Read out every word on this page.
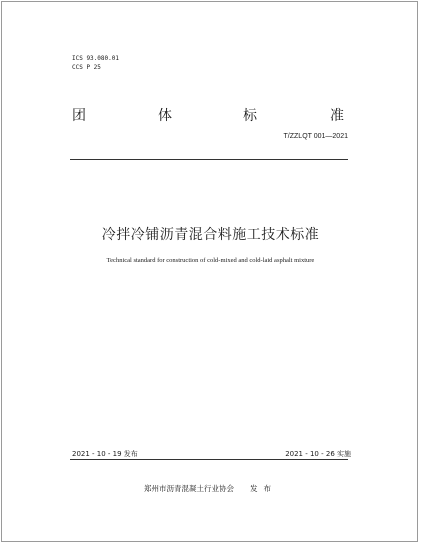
ICS 93.080.01
CCS P 25
团	体	标	准
T/ZZLQT 001—2021
冷拌冷铺沥青混合料施工技术标准
Technical standard for construction of cold-mixed and cold-laid asphalt mixture
2021 - 10 - 19 发布	2021 - 10 - 26 实施
郑州市沥青混凝土行业协会 发布
